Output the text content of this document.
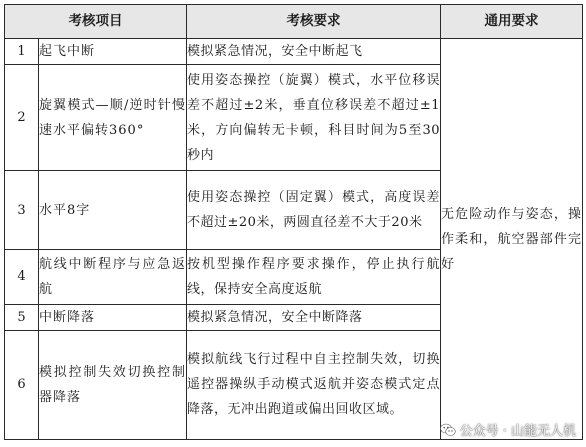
考核项目		考核要求	通用要求
1	起飞中断	模拟紧急情况，安全中断起飞	无危险动作与姿态，操作柔和，航空器部件完好
2	旋翼模式—顺/逆时针慢速水平偏转360°	使用姿态操控（旋翼）模式，水平位移误差不超过±2米，垂直位移误差不超过±1米，方向偏转无卡顿，科目时间为5至30秒内	
3	水平8字	使用姿态操控（固定翼）模式，高度误差不超过±20米，两圆直径差不大于20米	
4	航线中断程序与应急返航	按机型操作程序要求操作，停止执行航线，保持安全高度返航	
5	中断降落	模拟紧急情况，安全中断降落	
6	模拟控制失效切换控制器降落	模拟航线飞行过程中自主控制失效，切换遥控器操纵手动模式返航并姿态模式定点降落，无冲出跑道或偏出回收区域。	
公众号 · 山能无人机
